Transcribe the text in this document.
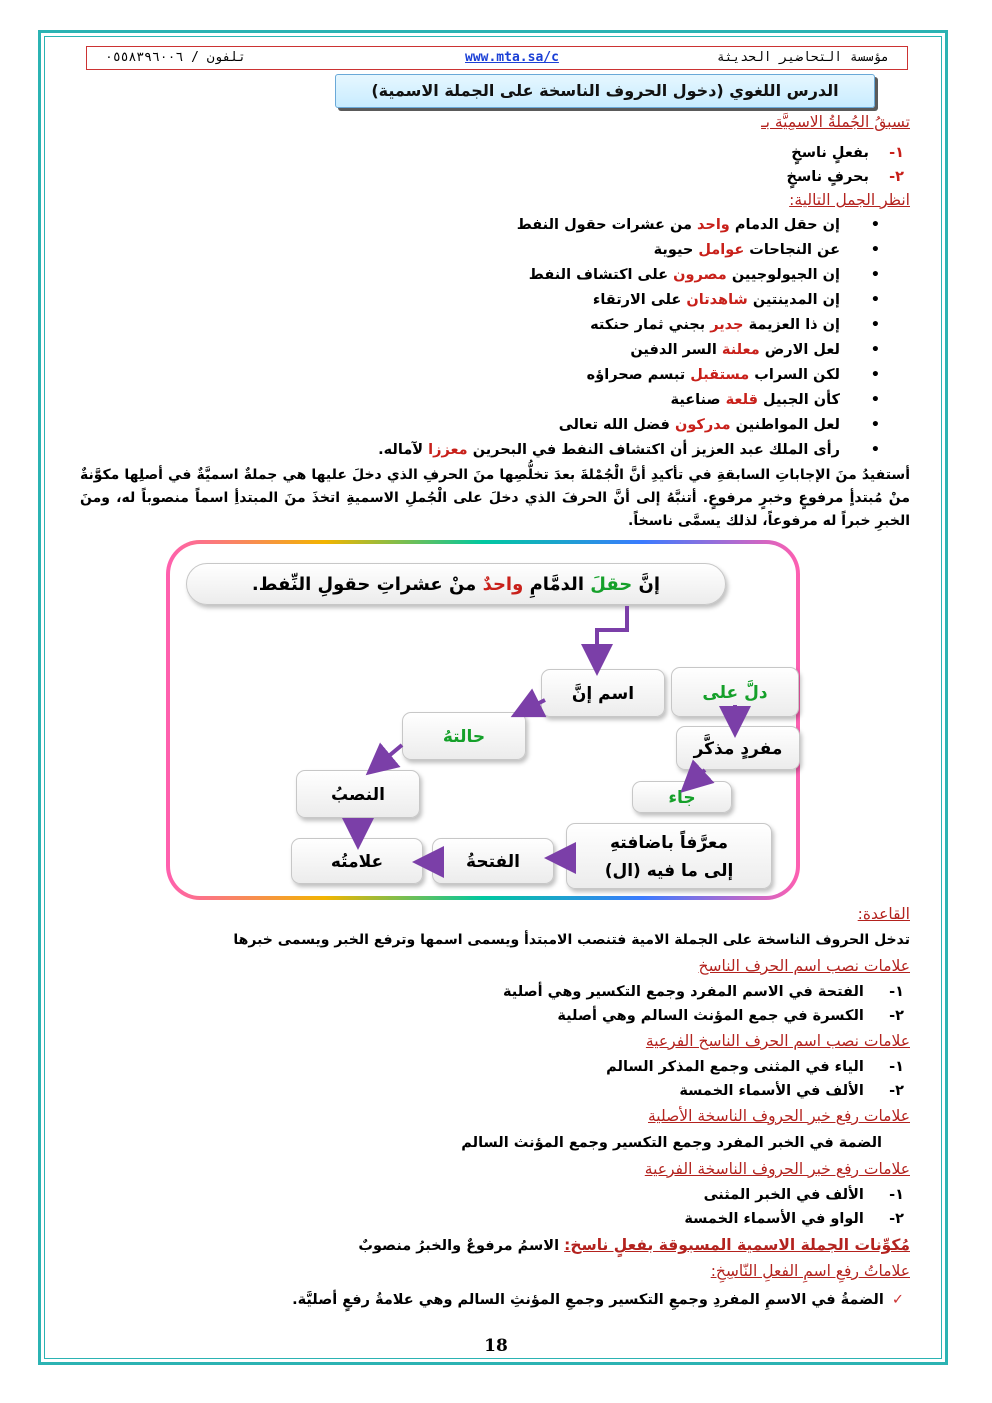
مؤسسة التحاضير الحديثة
www.mta.sa/c
تلفون / ٠٥٥٨٣٩٦٠٠٦
الدرس اللغوي (دخول الحروف الناسخة على الجملة الاسمية)
تسبقُ الجُملةُ الاسمِيَّة بـ
١-    بفعلٍ ناسخٍ
٢-    بحرفٍ ناسخٍ
انظر الجمل التالية:
•
إن حقل الدمام واحد من عشرات حقول النفط
•
عن النجاحات عوامل حيوية
•
إن الجيولوجيين مصرون على اكتشاف النفط
•
إن المدينتين شاهدتان على الارتقاء
•
إن ذا العزيمة جدير بجني ثمار حنكته
•
لعل الارض معلنة السر الدفين
•
لكن السراب مستقبل تبسم صحراؤه
•
كأن الجبيل قلعة صناعية
•
لعل المواطنين مدركون فضل الله تعالى
•
رأى الملك عبد العزيز أن اكتشاف النفط في البحرين معززا لآماله.
أستفيدُ منَ الإجاباتِ السابقةِ في تأكيدِ أنَّ الْجُمْلةَ بعدَ تخلُّصِها منَ الحرفِ الذي دخلَ عليها هي جملةٌ اسميَّةٌ في أصلِها مكوَّنةٌ منْ مُبتدأٍ مرفوعٍ وخبرٍ مرفوعٍ. أتنبَّهُ إلى أنَّ الحرفَ الذي دخلَ على الْجُملِ الاسميةِ اتخذَ منَ المبتدأِ اسماً منصوباً له، ومنَ الخبرِ خبراً له مرفوعاً، لذلك يسمَّى ناسخاً.
إنَّ حقلَ الدمَّامِ واحدٌ منْ عشراتِ حقولِ النِّفط.
اسم إنَّ	دلَّ على
حالتهُ
مفردٍ مذكَّر
النصبُ	جاء
علامتُه	الفتحةُ
معرَّفاً باضافتهِ
إلى ما فيه (ال)
القاعدة:
تدخل الحروف الناسخة على الجملة الامية فتنصب الامبتدأ ويسمى اسمها وترفع الخبر ويسمى خبرها
علامات نصب اسم الحرف الناسخ
١-     الفتحة في الاسم المفرد وجمع التكسير وهي أصلية
٢-     الكسرة في جمع المؤنث السالم وهي أصلية
علامات نصب اسم الحرف الناسخ الفرعية
١-     الياء في المثنى وجمع المذكر السالم
٢-     الألف في الأسماء الخمسة
علامات رفع خبر الحروف الناسخة الأصلية
الضمة في الخبر المفرد وجمع التكسير وجمع المؤنث السالم
علامات رفع خبر الحروف الناسخة الفرعية
١-     الألف في الخبر المثنى
٢-     الواو في الأسماء الخمسة
مُكوِّنات الجملة الاسمية المسبوقة بفعلٍ ناسخ: الاسمُ مرفوعٌ والخبرُ منصوبٌ
علاماتُ رفعِ اسمِ الفعلِ النّاسِخِ:
✓الضمةُ في الاسمِ المفردِ وجمعِ التكسير وجمعِ المؤنثِ السالم وهي علامةُ رفعٍ أصليَّة.
18
